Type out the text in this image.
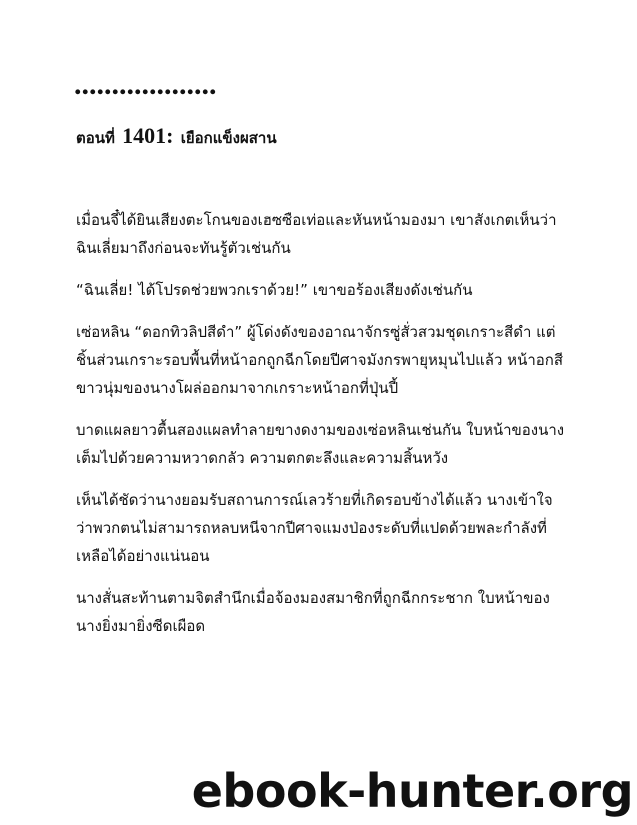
...................
ตอนที่ 1401: เยือกแข็งผสาน

เมื่อนจี๋ได้ยินเสียงตะโกนของเฮซซือเท่อและหันหน้ามองมา เขาสังเกตเห็นว่าฉินเลี่ยมาถึงก่อนจะทันรู้ตัวเช่นกัน

“ฉินเลี่ย! ได้โปรดช่วยพวกเราด้วย!” เขาขอร้องเสียงดังเช่นกัน

เซ่อหลิน “ดอกทิวลิปสีดำ” ผู้โด่งดังของอาณาจักรซู่สั่วสวมชุดเกราะสีดำ แต่ชิ้นส่วนเกราะรอบพื้นที่หน้าอกถูกฉีกโดยปีศาจมังกรพายุหมุนไปแล้ว หน้าอกสีขาวนุ่มของนางโผล่ออกมาจากเกราะหน้าอกที่ปุ่นปี้

บาดแผลยาวตื้นสองแผลทำลายขางดงามของเซ่อหลินเช่นกัน ใบหน้าของนางเต็มไปด้วยความหวาดกลัว ความตกตะลึงและความสิ้นหวัง

เห็นได้ชัดว่านางยอมรับสถานการณ์เลวร้ายที่เกิดรอบข้างได้แล้ว นางเข้าใจว่าพวกตนไม่สามารถหลบหนีจากปีศาจแมงป่องระดับที่แปดด้วยพละกำลังที่เหลือได้อย่างแน่นอน

นางสั่นสะท้านตามจิตสำนึกเมื่อจ้องมองสมาชิกที่ถูกฉีกกระชาก ใบหน้าของนางยิ่งมายิ่งซีดเผือด

ebook-hunter.org
